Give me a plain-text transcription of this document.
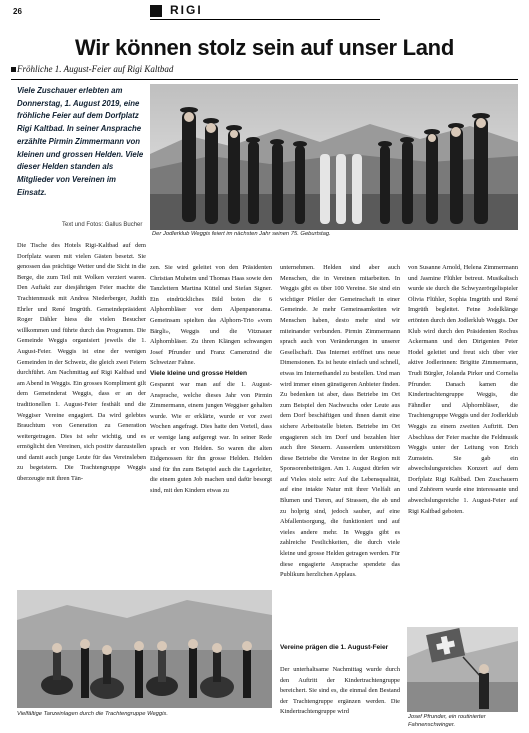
26	RIGI
Wir können stolz sein auf unser Land
Fröhliche 1. August-Feier auf Rigi Kaltbad
Viele Zuschauer erlebten am Donnerstag, 1. August 2019, eine fröhliche Feier auf dem Dorfplatz Rigi Kaltbad. In seiner Ansprache erzählte Pirmin Zimmermann von kleinen und grossen Helden. Viele dieser Helden standen als Mitglieder von Vereinen im Einsatz.
Text und Fotos: Gallus Bucher
Der Jodlerklub Weggis feiert im nächsten Jahr seinen 75. Geburtstag.
Die Tische des Hotels Rigi-Kaltbad auf dem Dorfplatz waren mit vielen Gästen besetzt. Sie genossen das prächtige Wetter und die Sicht in die Berge, die zum Teil mit Wolken verziert waren. Den Auftakt zur diesjährigen Feier machte die Trachtenmusik mit Andrea Niederberger, Judith Ehrler und René Imgrüth. Gemeindepräsident Roger Dähler hiess die vielen Besucher willkommen und führte durch das Programm. Die Gemeinde Weggis organisiert jeweils die 1. August-Feier. Weggis ist eine der wenigen Gemeinden in der Schweiz, die gleich zwei Feiern durchführt. Am Nachmittag auf Rigi Kaltbad und am Abend in Weggis. Ein grosses Kompliment gilt dem Gemeinderat Weggis, dass er an der traditionellen 1. August-Feier festhält und die Weggiser Vereine engagiert. Da wird gelebtes Brauchtum von Generation zu Generation weitergetragen. Dies ist sehr wichtig, und es ermöglicht den Vereinen, sich positiv darzustellen und damit auch junge Leute für das Vereinsleben zu begeistern. Die Trachtengruppe Weggis überzeugte mit ihren Tän-
zen. Sie wird geleitet von den Präsidenten Christian Muheim und Thomas Haas sowie den Tanzleitern Martina Küttel und Stefan Signer. Ein eindrückliches Bild boten die 6 Alphornbläser vor dem Alpenpanorama. Gemeinsam spielten das Alphorn-Trio «vom Bärgli», Weggis und die Vitznauer Alphornbläser. Zu ihren Klängen schwangen Josef Pfrunder und Franz Camenzind die Schweizer Fahne.
Viele kleine und grosse Helden
Gespannt war man auf die 1. August-Ansprache, welche dieses Jahr von Pirmin Zimmermann, einem jungen Weggiser gehalten wurde. Wie er erklärte, wurde er vor zwei Wochen angefragt. Dies hatte den Vorteil, dass er wenige lang aufgeregt war. In seiner Rede sprach er von Helden. So waren die alten Eidgenossen für ihn grosse Helden. Helden sind für ihn zum Beispiel auch die Lagerleiter, die einem guten Job machen und dafür besorgt sind, mit den Kindern etwas zu
unternehmen. Helden sind aber auch Menschen, die in Vereinen mitarbeiten. In Weggis gibt es über 100 Vereine. Sie sind ein wichtiger Pfeiler der Gemeinschaft in einer Gemeinde. Je mehr Gemeinsamkeiten wir Menschen haben, desto mehr sind wir miteinander verbunden. Pirmin Zimmermann sprach auch von Veränderungen in unserer Gesellschaft. Das Internet eröffnet uns neue Dimensionen. Es ist heute einfach und schnell, etwas im Internethandel zu bestellen. Und man wird immer einen günstigeren Anbieter finden. Zu bedenken ist aber, dass Betriebe im Ort zum Beispiel den Nachwuchs oder Leute aus dem Dorf beschäftigen und ihnen damit eine sichere Arbeitsstelle bieten. Betriebe im Ort engagieren sich im Dorf und bezahlen hier auch ihre Steuern. Ausserdem unterstützen diese Betriebe die Vereine in der Region mit Sponsorenbeiträgen. Am 1. August dürfen wir auf Vieles stolz sein: Auf die Lebensqualität, auf eine intakte Natur mit ihrer Vielfalt an Blumen und Tieren, auf Strassen, die ab und zu holprig sind, jedoch sauber, auf eine Abfallentsorgung, die funktioniert und auf vieles andere mehr. In Weggis gibt es zahlreiche Festlichkeiten, die durch viele kleine und grosse Helden getragen werden. Für diese engagierte Ansprache spendete das Publikum herzlichen Applaus.
Vereine prägen die 1. August-Feier
Der unterhaltsame Nachmittag wurde durch den Auftritt der Kindertrachtengruppe bereichert. Sie sind es, die einmal den Bestand der Trachtengruppe ergänzen werden. Die Kindertrachtengruppe wird
von Susanne Arnold, Helena Zimmermann und Jasmine Flühler betreut. Musikalisch wurde sie durch die Schwyzerörgelispieler Olivia Flühler, Sophia Imgrüth und René Imgrüth begleitet. Feine Jodelklänge ertönten durch den Jodlerklub Weggis. Der Klub wird durch den Präsidenten Rochus Ackermann und den Dirigenten Peter Hodel geleitet und freut sich über vier aktive Jodlerinnen: Brigitte Zimmermann, Trudi Bürgler, Jolanda Pirker und Cornelia Pfrunder. Danach kamen die Kindertrachtengruppe Weggis, die Fähndler und Alphornbläser, die Trachtengruppe Weggis und der Jodlerklub Weggis zu einem zweiten Auftritt. Den Abschluss der Feier machte die Feldmusik Weggis unter der Leitung von Erich Zumstein. Sie gab ein abwechslungsreiches Konzert auf dem Dorfplatz Rigi Kaltbad. Den Zuschauern und Zuhörern wurde eine interessante und abwechslungsreiche 1. August-Feier auf Rigi Kaltbad geboten.
Vielfältige Tanzeinlagen durch die Trachtengruppe Weggis.	Josef Pfrunder, ein routinierter Fahnenschwinger.
